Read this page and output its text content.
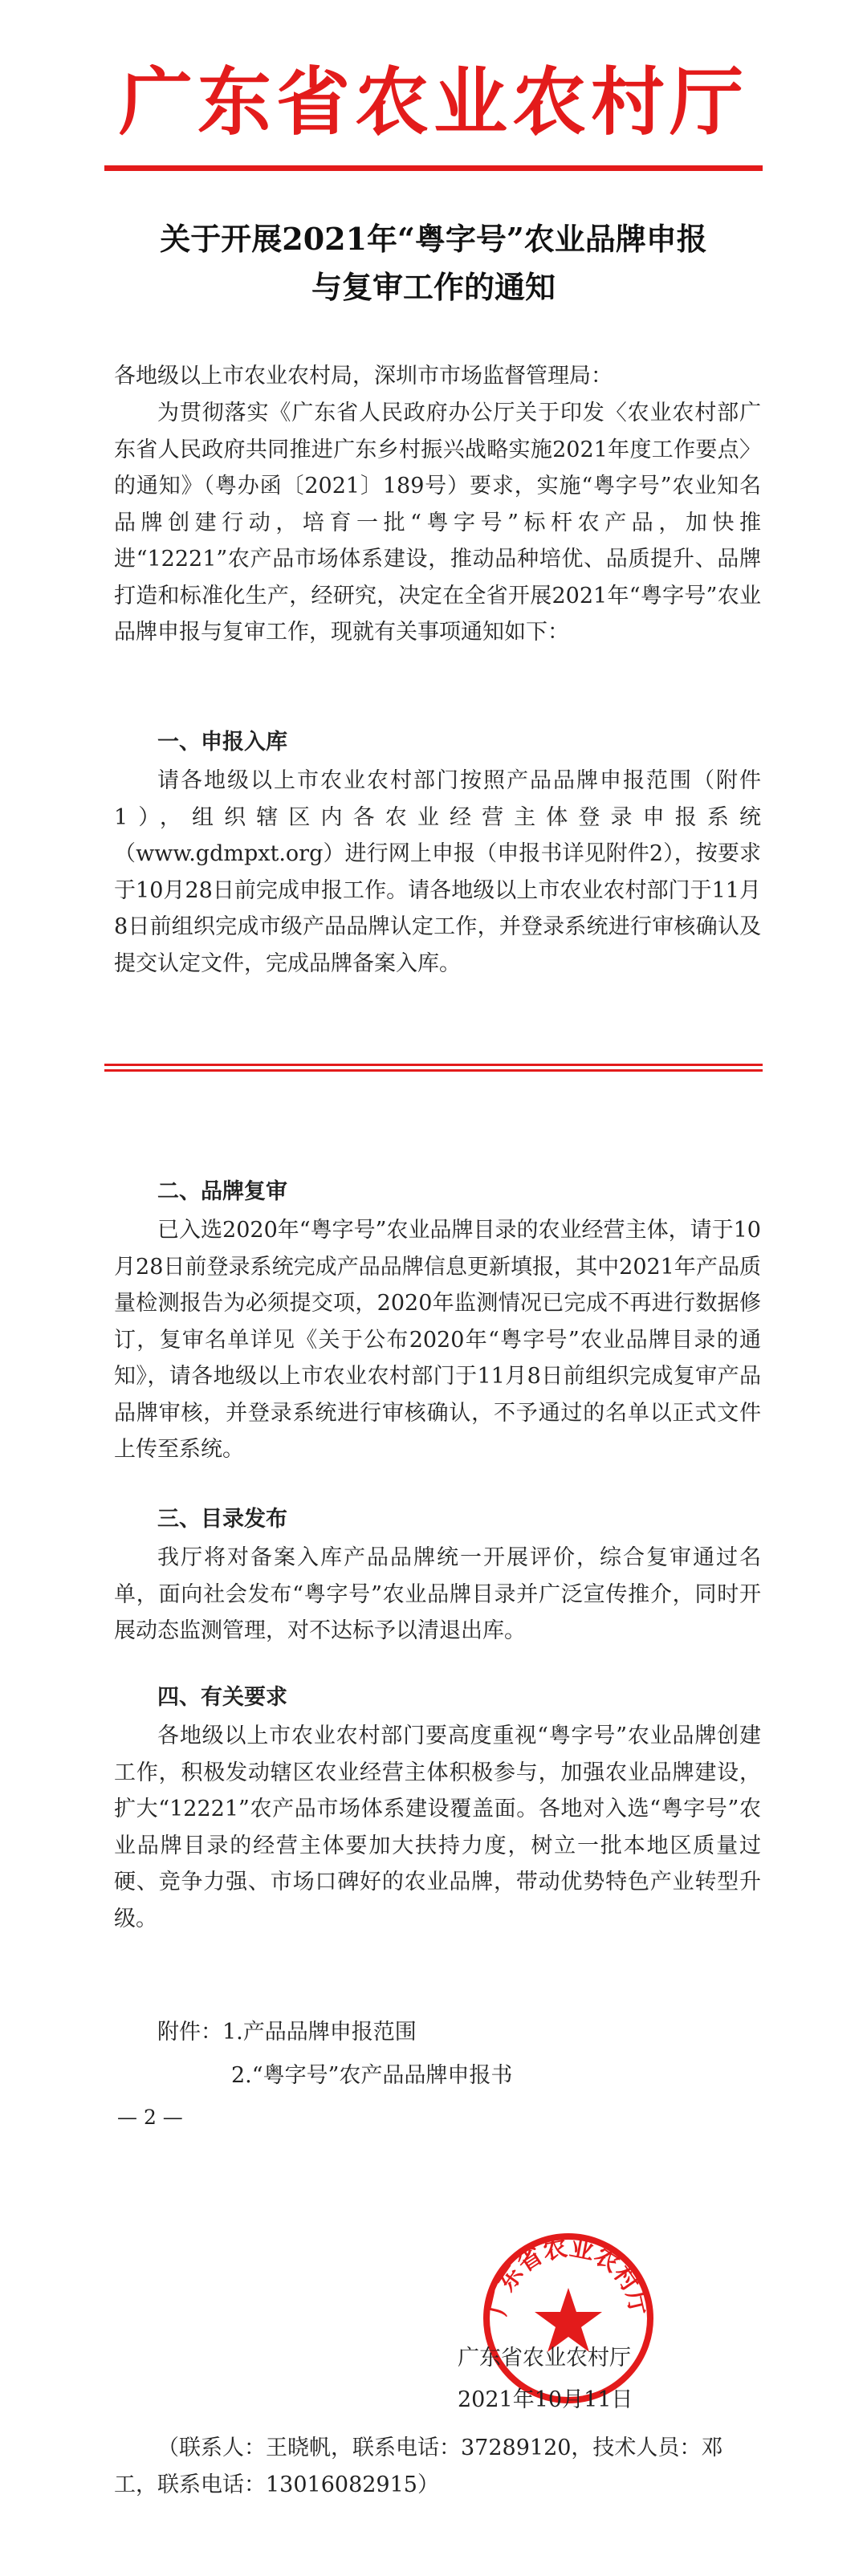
广东省农业农村厅
关于开展2021年“粤字号”农业品牌申报
与复审工作的通知
各地级以上市农业农村局，深圳市市场监督管理局：
为贯彻落实《广东省人民政府办公厅关于印发〈农业农村部广东省人民政府共同推进广东乡村振兴战略实施2021年度工作要点〉的通知》（粤办函〔2021〕189号）要求，实施“粤字号”农业知名品牌创建行动，培育一批“粤字号”标杆农产品，加快推进“12221”农产品市场体系建设，推动品种培优、品质提升、品牌打造和标准化生产，经研究，决定在全省开展2021年“粤字号”农业品牌申报与复审工作，现就有关事项通知如下：
一、申报入库
请各地级以上市农业农村部门按照产品品牌申报范围（附件1），组织辖区内各农业经营主体登录申报系统（www.gdmpxt.org）进行网上申报（申报书详见附件2），按要求于10月28日前完成申报工作。请各地级以上市农业农村部门于11月8日前组织完成市级产品品牌认定工作，并登录系统进行审核确认及提交认定文件，完成品牌备案入库。
二、品牌复审
已入选2020年“粤字号”农业品牌目录的农业经营主体，请于10月28日前登录系统完成产品品牌信息更新填报，其中2021年产品质量检测报告为必须提交项，2020年监测情况已完成不再进行数据修订，复审名单详见《关于公布2020年“粤字号”农业品牌目录的通知》，请各地级以上市农业农村部门于11月8日前组织完成复审产品品牌审核，并登录系统进行审核确认，不予通过的名单以正式文件上传至系统。
三、目录发布
我厅将对备案入库产品品牌统一开展评价，综合复审通过名单，面向社会发布“粤字号”农业品牌目录并广泛宣传推介，同时开展动态监测管理，对不达标予以清退出库。
四、有关要求
各地级以上市农业农村部门要高度重视“粤字号”农业品牌创建工作，积极发动辖区农业经营主体积极参与，加强农业品牌建设，扩大“12221”农产品市场体系建设覆盖面。各地对入选“粤字号”农业品牌目录的经营主体要加大扶持力度，树立一批本地区质量过硬、竞争力强、市场口碑好的农业品牌，带动优势特色产业转型升级。
附件：1.产品品牌申报范围
2.“粤字号”农产品品牌申报书
— 2 —
广东省农业农村厅
广东省农业农村厅
2021年10月11日
（联系人：王晓帆，联系电话：37289120，技术人员：邓
工，联系电话：13016082915）
